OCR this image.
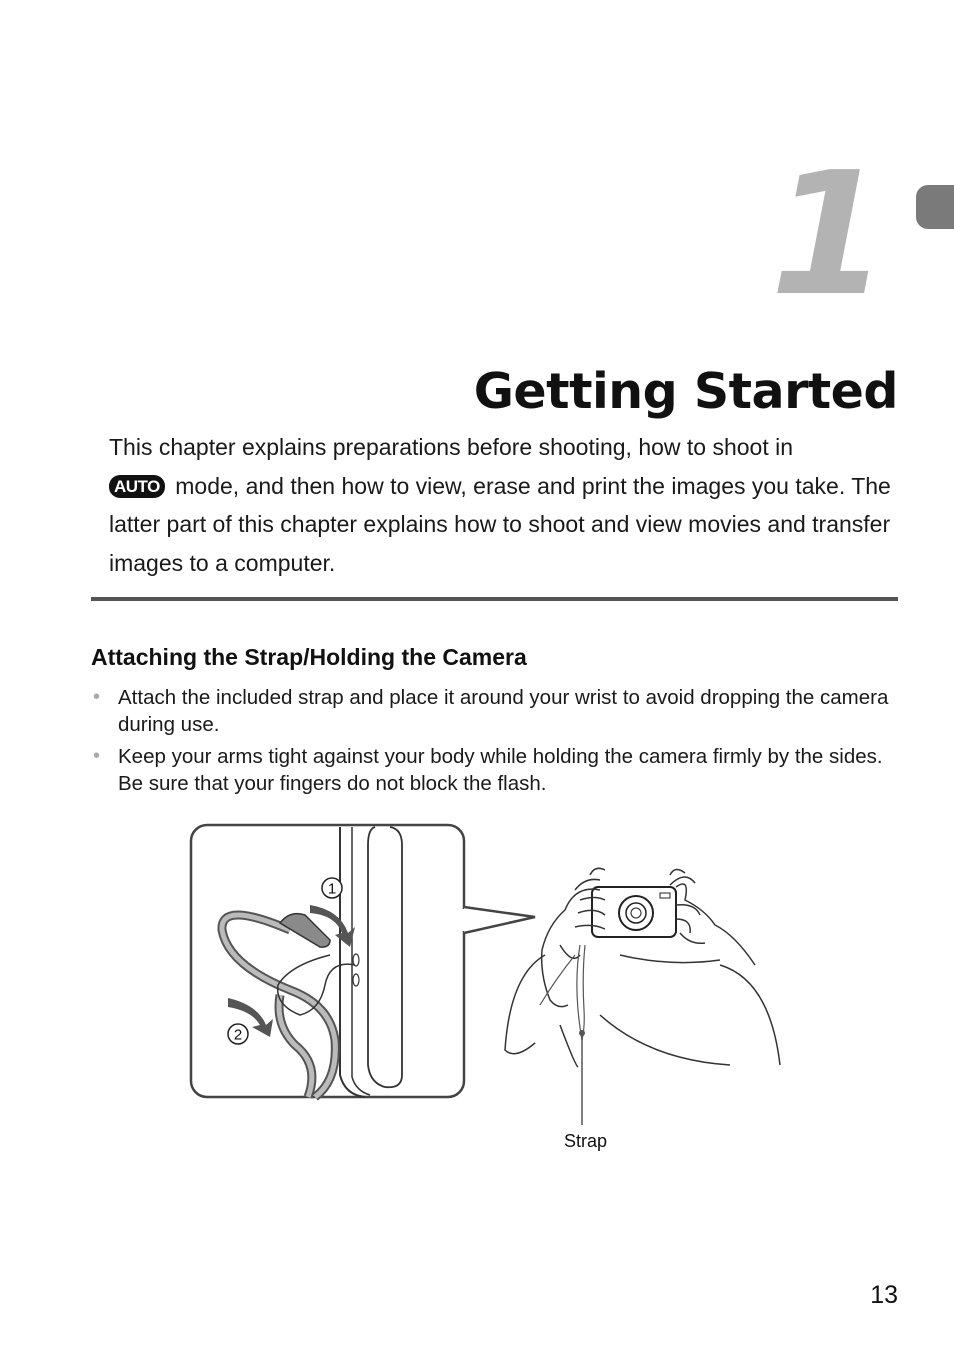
1
Getting Started

This chapter explains preparations before shooting, how to shoot in
AUTO mode, and then how to view, erase and print the images you take. The latter part of this chapter explains how to shoot and view movies and transfer images to a computer.

Attaching the Strap/Holding the Camera
• Attach the included strap and place it around your wrist to avoid dropping the camera during use.
• Keep your arms tight against your body while holding the camera firmly by the sides. Be sure that your fingers do not block the flash.
1
2
Strap
13
